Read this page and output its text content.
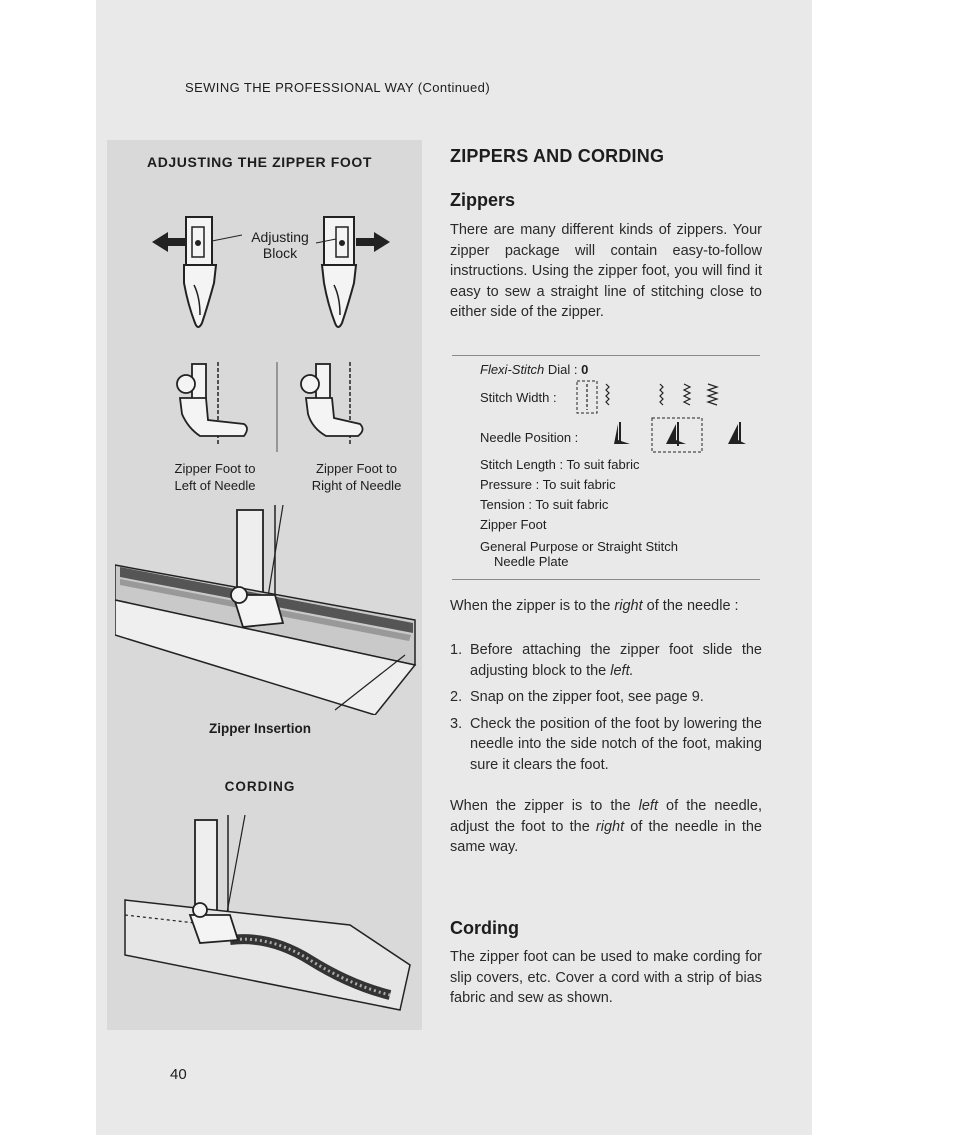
SEWING THE PROFESSIONAL WAY (Continued)
ADJUSTING THE ZIPPER FOOT
Adjusting
Block
Zipper Foot to
Left of Needle
Zipper Foot to
Right of Needle
Zipper Insertion
CORDING
ZIPPERS AND CORDING
Zippers
There are many different kinds of zippers. Your zipper package will contain easy-to-follow instructions. Using the zipper foot, you will find it easy to sew a straight line of stitching close to either side of the zipper.
Flexi-Stitch Dial : 0
Stitch Width :
Needle Position :
Stitch Length : To suit fabric
Pressure : To suit fabric
Tension : To suit fabric
Zipper Foot
General Purpose or Straight Stitch
Needle Plate
When the zipper is to the right of the needle :
1. Before attaching the zipper foot slide the adjusting block to the left.
2. Snap on the zipper foot, see page 9.
3. Check the position of the foot by lowering the needle into the side notch of the foot, making sure it clears the foot.
When the zipper is to the left of the needle, adjust the foot to the right of the needle in the same way.
Cording
The zipper foot can be used to make cording for slip covers, etc. Cover a cord with a strip of bias fabric and sew as shown.
40
